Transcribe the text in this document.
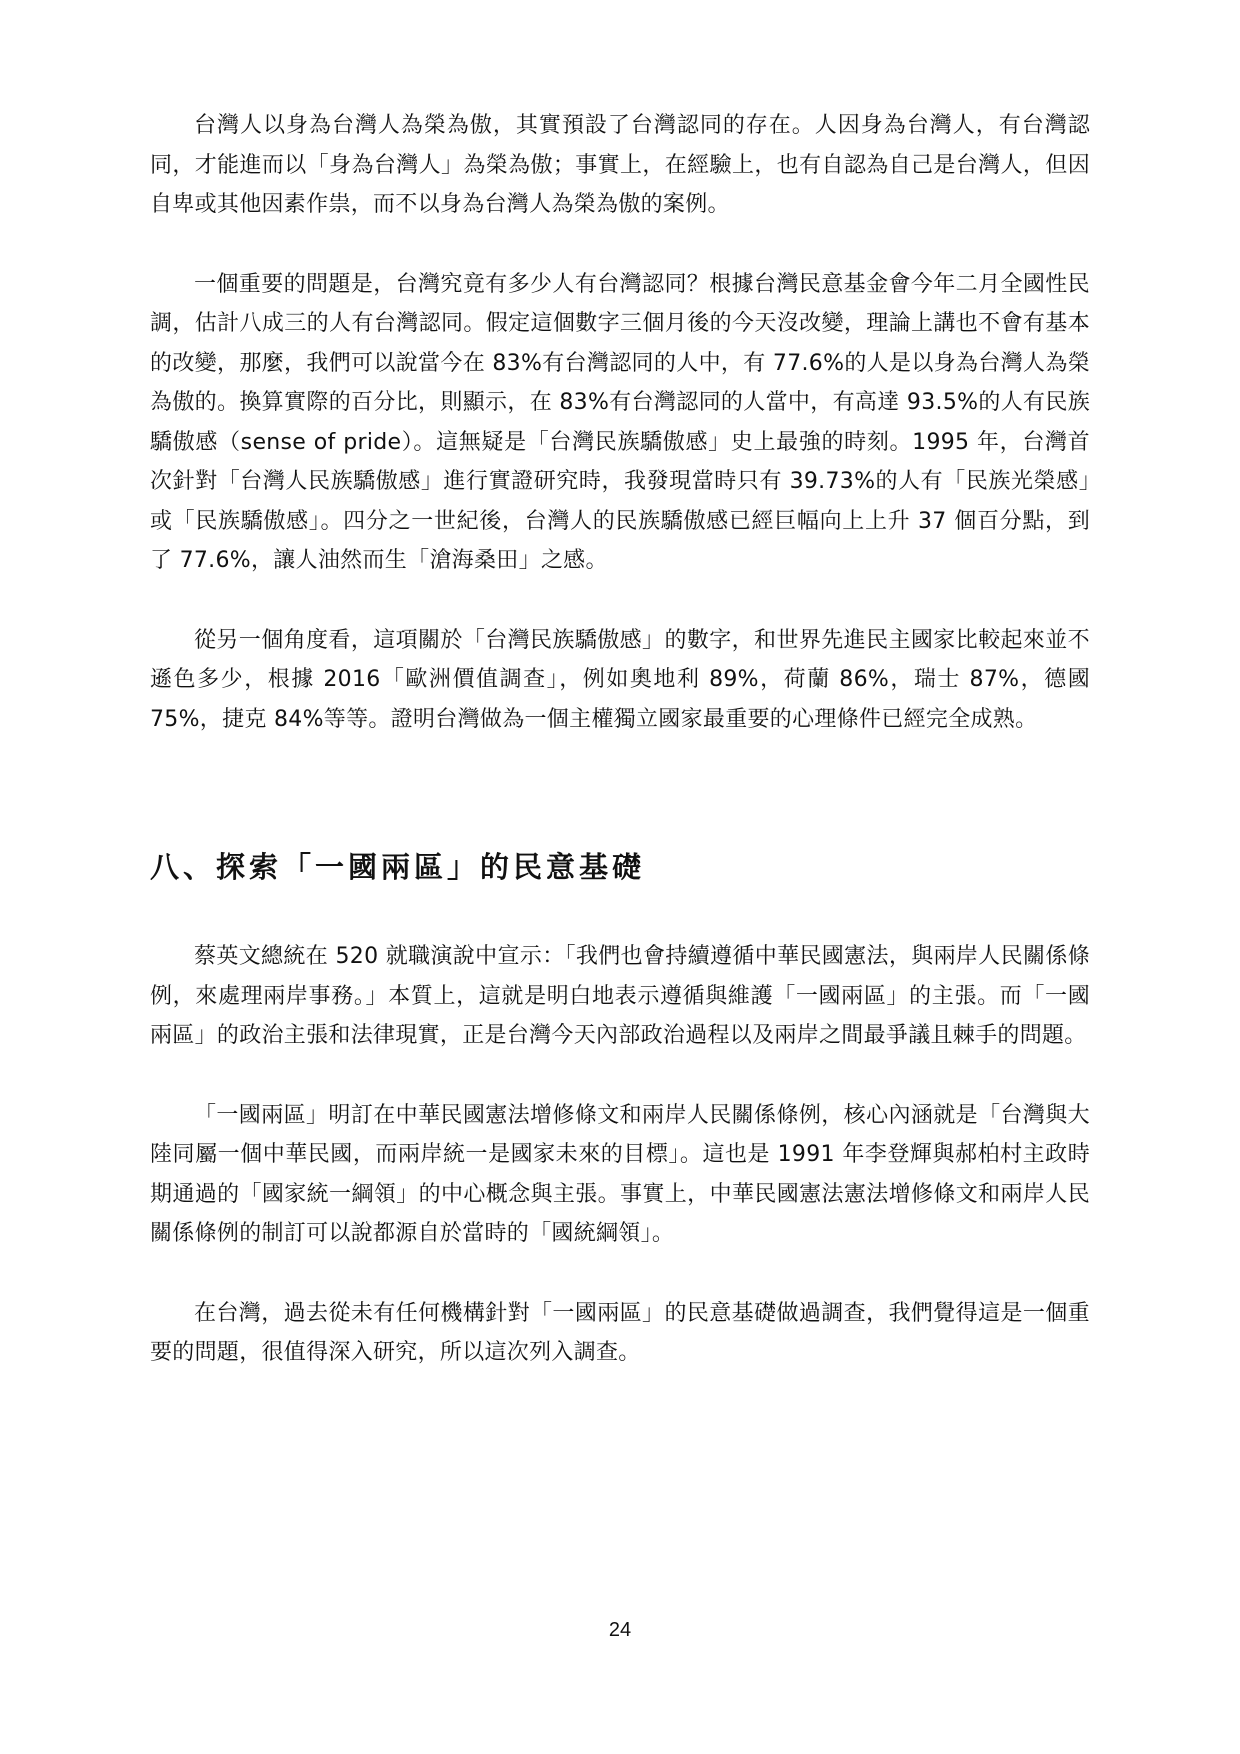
台灣人以身為台灣人為榮為傲，其實預設了台灣認同的存在。人因身為台灣人，有台灣認同，才能進而以「身為台灣人」為榮為傲；事實上，在經驗上，也有自認為自己是台灣人，但因自卑或其他因素作祟，而不以身為台灣人為榮為傲的案例。

一個重要的問題是，台灣究竟有多少人有台灣認同？根據台灣民意基金會今年二月全國性民調，估計八成三的人有台灣認同。假定這個數字三個月後的今天沒改變，理論上講也不會有基本的改變，那麼，我們可以說當今在 83%有台灣認同的人中，有 77.6%的人是以身為台灣人為榮為傲的。換算實際的百分比，則顯示，在 83%有台灣認同的人當中，有高達 93.5%的人有民族驕傲感（sense of pride）。這無疑是「台灣民族驕傲感」史上最強的時刻。1995 年，台灣首次針對「台灣人民族驕傲感」進行實證研究時，我發現當時只有 39.73%的人有「民族光榮感」或「民族驕傲感」。四分之一世紀後，台灣人的民族驕傲感已經巨幅向上上升 37 個百分點，到了 77.6%，讓人油然而生「滄海桑田」之感。

從另一個角度看，這項關於「台灣民族驕傲感」的數字，和世界先進民主國家比較起來並不遜色多少，根據 2016「歐洲價值調查」，例如奧地利 89%，荷蘭 86%，瑞士 87%，德國 75%，捷克 84%等等。證明台灣做為一個主權獨立國家最重要的心理條件已經完全成熟。

八、探索「一國兩區」的民意基礎

蔡英文總統在 520 就職演說中宣示：「我們也會持續遵循中華民國憲法，與兩岸人民關係條例，來處理兩岸事務。」本質上，這就是明白地表示遵循與維護「一國兩區」的主張。而「一國兩區」的政治主張和法律現實，正是台灣今天內部政治過程以及兩岸之間最爭議且棘手的問題。

「一國兩區」明訂在中華民國憲法增修條文和兩岸人民關係條例，核心內涵就是「台灣與大陸同屬一個中華民國，而兩岸統一是國家未來的目標」。這也是 1991 年李登輝與郝柏村主政時期通過的「國家統一綱領」的中心概念與主張。事實上，中華民國憲法憲法增修條文和兩岸人民關係條例的制訂可以說都源自於當時的「國統綱領」。

在台灣，過去從未有任何機構針對「一國兩區」的民意基礎做過調查，我們覺得這是一個重要的問題，很值得深入研究，所以這次列入調查。

24
